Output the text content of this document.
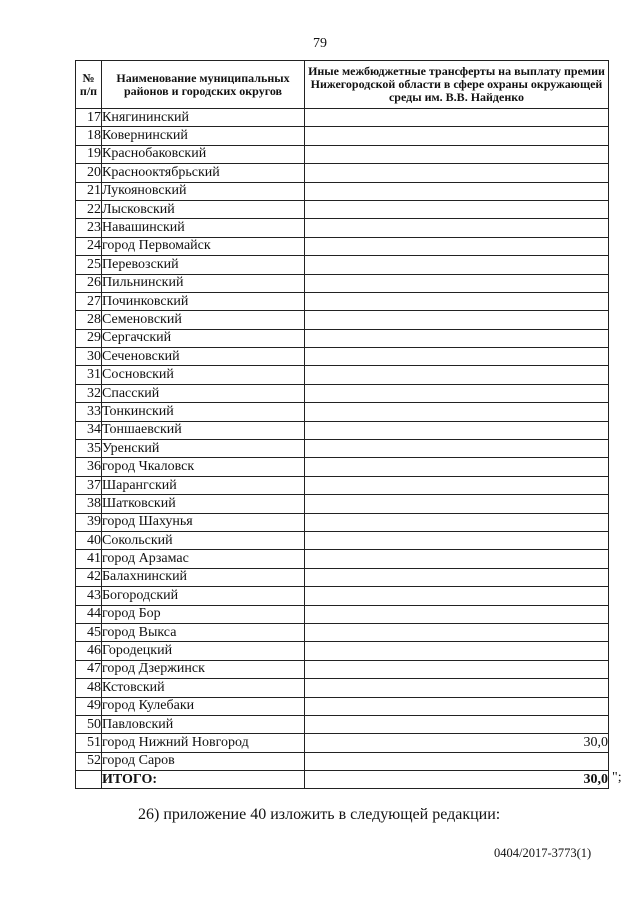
79
№ п/п	Наименование муниципальных районов и городских округов	Иные межбюджетные трансферты на выплату премии Нижегородской области в сфере охраны окружающей среды им. В.В. Найденко
17	Княгининский	
18	Ковернинский	
19	Краснобаковский	
20	Краснооктябрьский	
21	Лукояновский	
22	Лысковский	
23	Навашинский	
24	город Первомайск	
25	Перевозский	
26	Пильнинский	
27	Починковский	
28	Семеновский	
29	Сергачский	
30	Сеченовский	
31	Сосновский	
32	Спасский	
33	Тонкинский	
34	Тоншаевский	
35	Уренский	
36	город Чкаловск	
37	Шарангский	
38	Шатковский	
39	город Шахунья	
40	Сокольский	
41	город Арзамас	
42	Балахнинский	
43	Богородский	
44	город Бор	
45	город Выкса	
46	Городецкий	
47	город Дзержинск	
48	Кстовский	
49	город Кулебаки	
50	Павловский	
51	город Нижний Новгород	30,0
52	город Саров	
	ИТОГО:	30,0 ";
26) приложение 40 изложить в следующей редакции:
0404/2017-3773(1)
